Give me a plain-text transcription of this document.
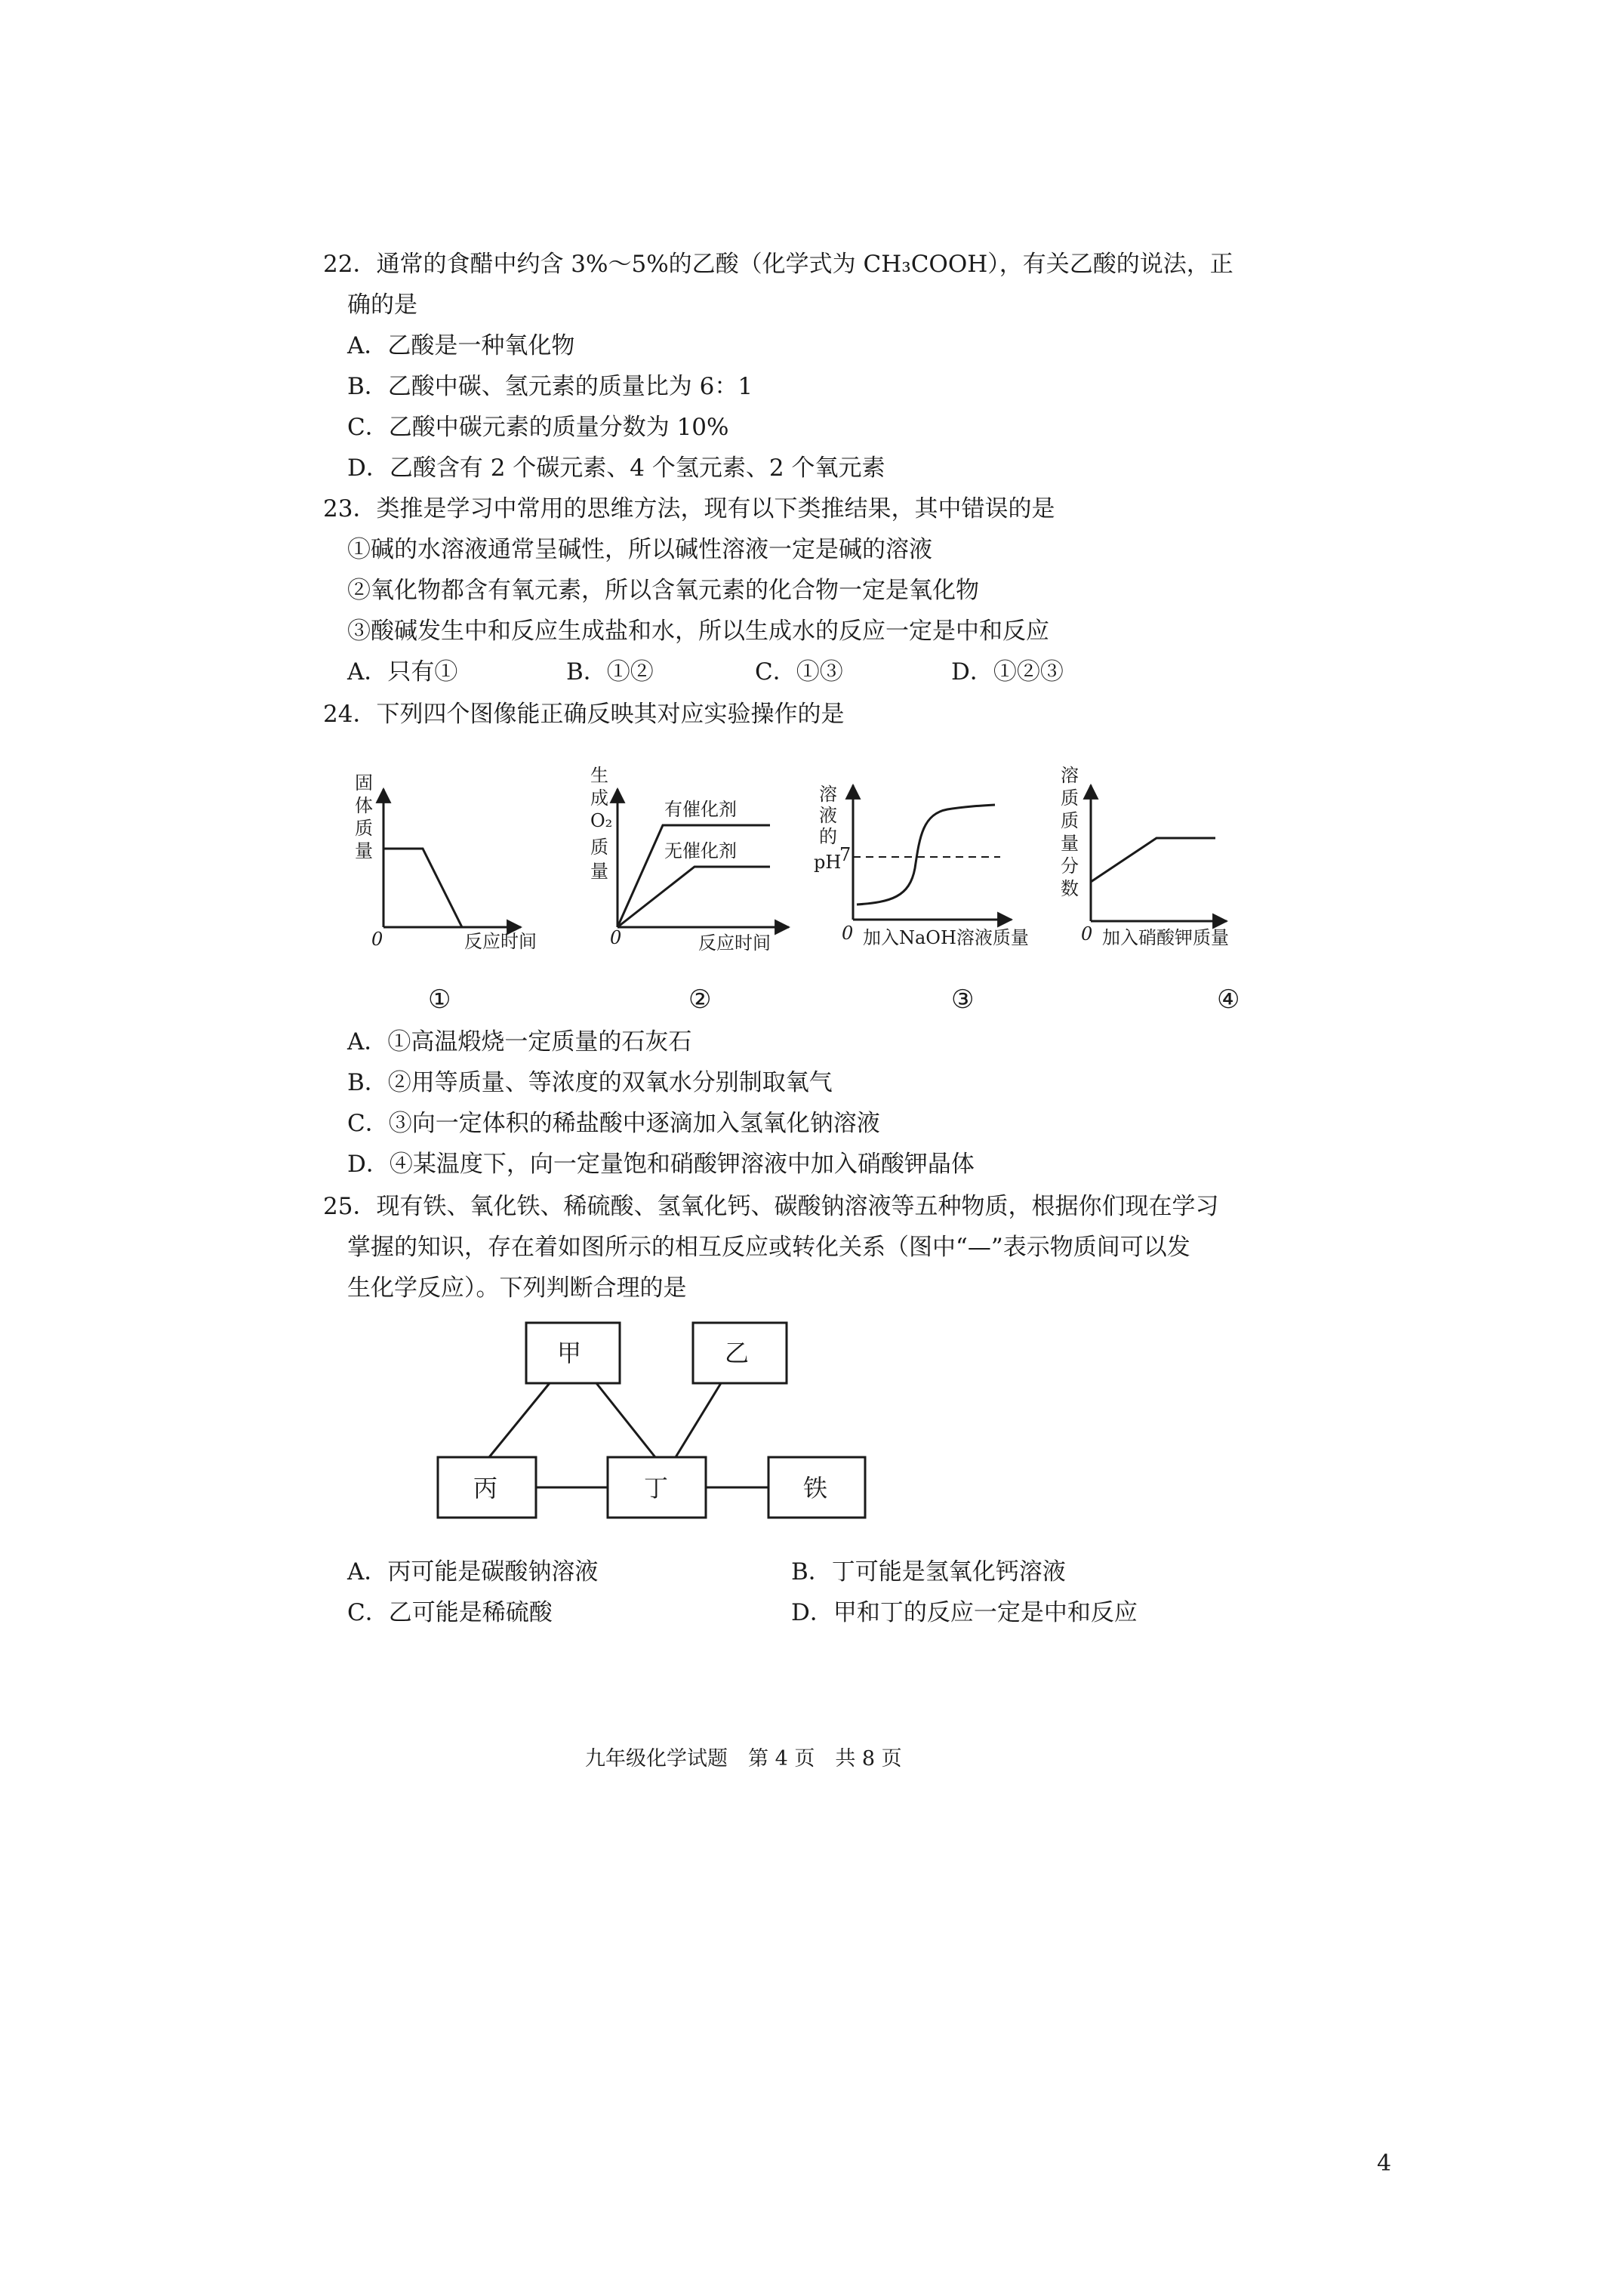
22．通常的食醋中约含 3%～5%的乙酸（化学式为 CH₃COOH），有关乙酸的说法，正
确的是
A．乙酸是一种氧化物
B．乙酸中碳、氢元素的质量比为 6：1
C．乙酸中碳元素的质量分数为 10%
D．乙酸含有 2 个碳元素、4 个氢元素、2 个氧元素
23．类推是学习中常用的思维方法，现有以下类推结果，其中错误的是
①碱的水溶液通常呈碱性，所以碱性溶液一定是碱的溶液
②氧化物都含有氧元素，所以含氧元素的化合物一定是氧化物
③酸碱发生中和反应生成盐和水，所以生成水的反应一定是中和反应
A．只有①	B．①②	C．①③	D．①②③
24．下列四个图像能正确反映其对应实验操作的是
固
体
质
量
0	反应时间
①
生
成
O₂
质
量
有催化剂
无催化剂
0	反应时间
②
溶
液
的
pH
7
0 加入NaOH溶液质量
③
溶
质
质
量
分
数
0 加入硝酸钾质量
④
甲	乙
丙	丁	铁
A．①高温煅烧一定质量的石灰石
B．②用等质量、等浓度的双氧水分别制取氧气
C．③向一定体积的稀盐酸中逐滴加入氢氧化钠溶液
D．④某温度下，向一定量饱和硝酸钾溶液中加入硝酸钾晶体
25．现有铁、氧化铁、稀硫酸、氢氧化钙、碳酸钠溶液等五种物质，根据你们现在学习
掌握的知识，存在着如图所示的相互反应或转化关系（图中“—”表示物质间可以发
生化学反应）。下列判断合理的是
A．丙可能是碳酸钠溶液	B．丁可能是氢氧化钙溶液
C．乙可能是稀硫酸	D．甲和丁的反应一定是中和反应
九年级化学试题　第 4 页　共 8 页
4
